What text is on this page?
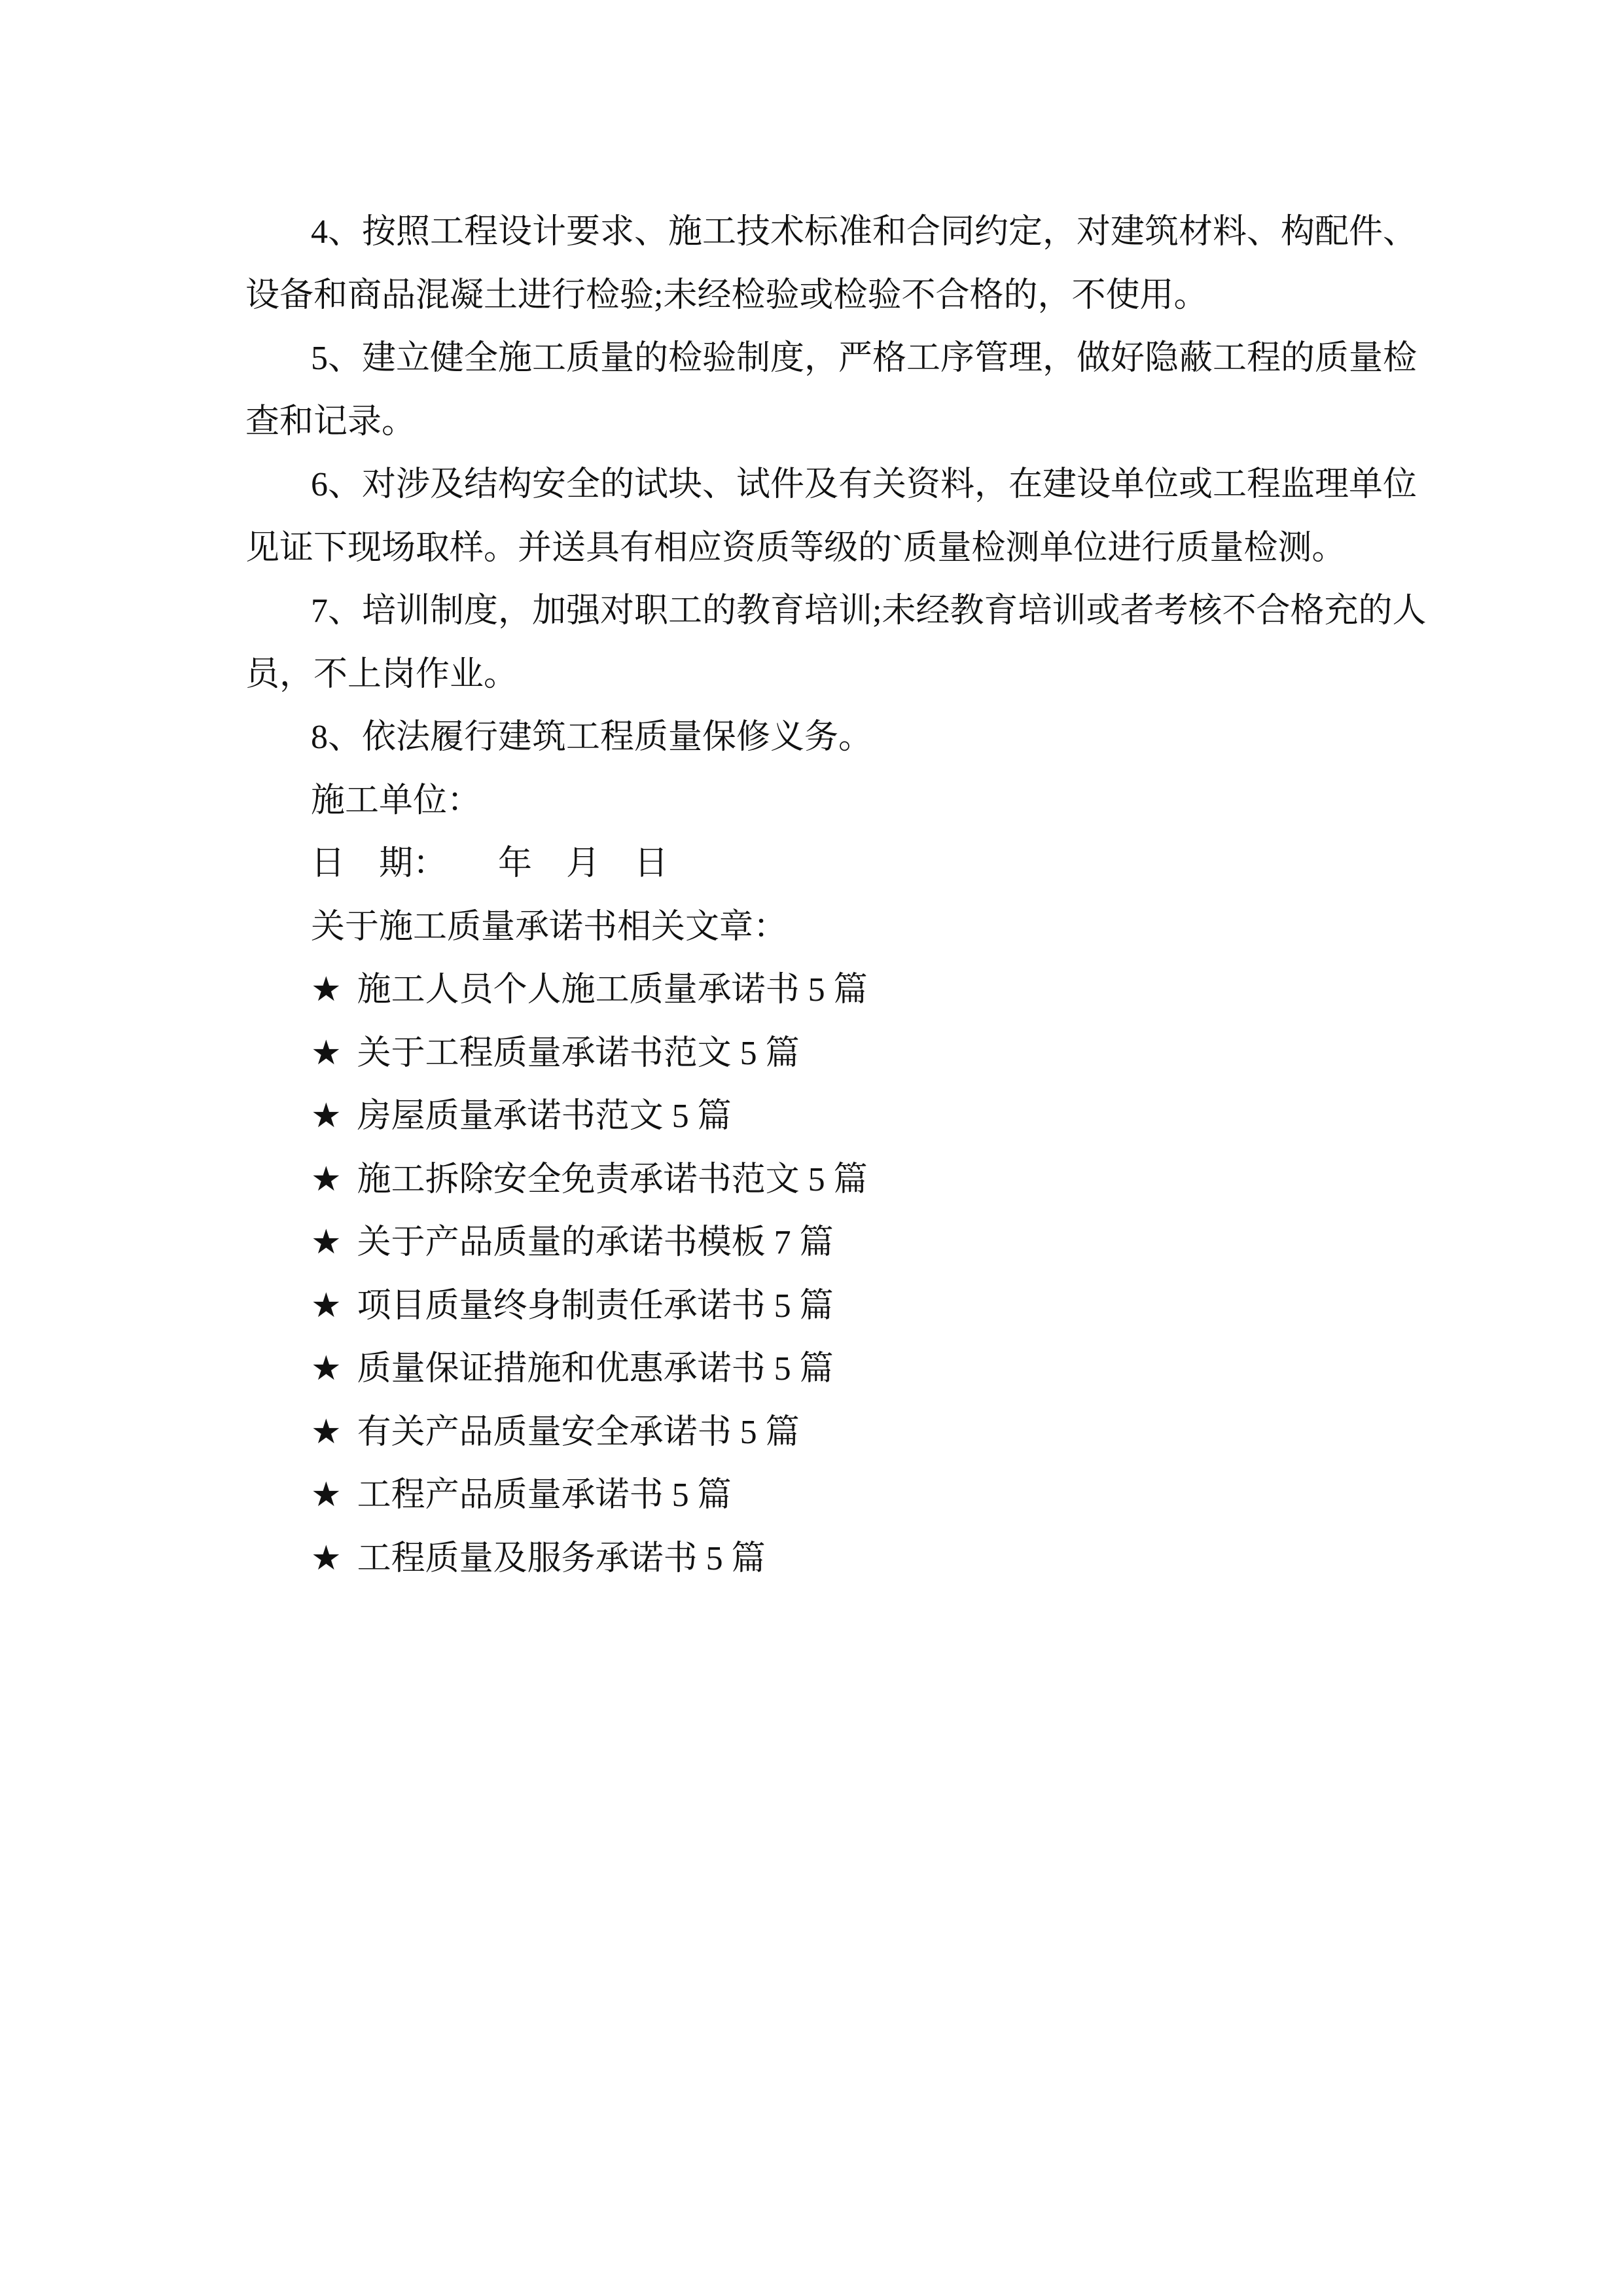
4、按照工程设计要求、施工技术标准和合同约定，对建筑材料、构配件、
设备和商品混凝土进行检验;未经检验或检验不合格的，不使用。
5、建立健全施工质量的检验制度，严格工序管理，做好隐蔽工程的质量检
查和记录。
6、对涉及结构安全的试块、试件及有关资料，在建设单位或工程监理单位
见证下现场取样。并送具有相应资质等级的`质量检测单位进行质量检测。
7、培训制度，加强对职工的教育培训;未经教育培训或者考核不合格充的人
员，不上岗作业。
8、依法履行建筑工程质量保修义务。
施工单位：
日　期：　　年　月　日
关于施工质量承诺书相关文章：
★ 施工人员个人施工质量承诺书 5 篇
★ 关于工程质量承诺书范文 5 篇
★ 房屋质量承诺书范文 5 篇
★ 施工拆除安全免责承诺书范文 5 篇
★ 关于产品质量的承诺书模板 7 篇
★ 项目质量终身制责任承诺书 5 篇
★ 质量保证措施和优惠承诺书 5 篇
★ 有关产品质量安全承诺书 5 篇
★ 工程产品质量承诺书 5 篇
★ 工程质量及服务承诺书 5 篇
